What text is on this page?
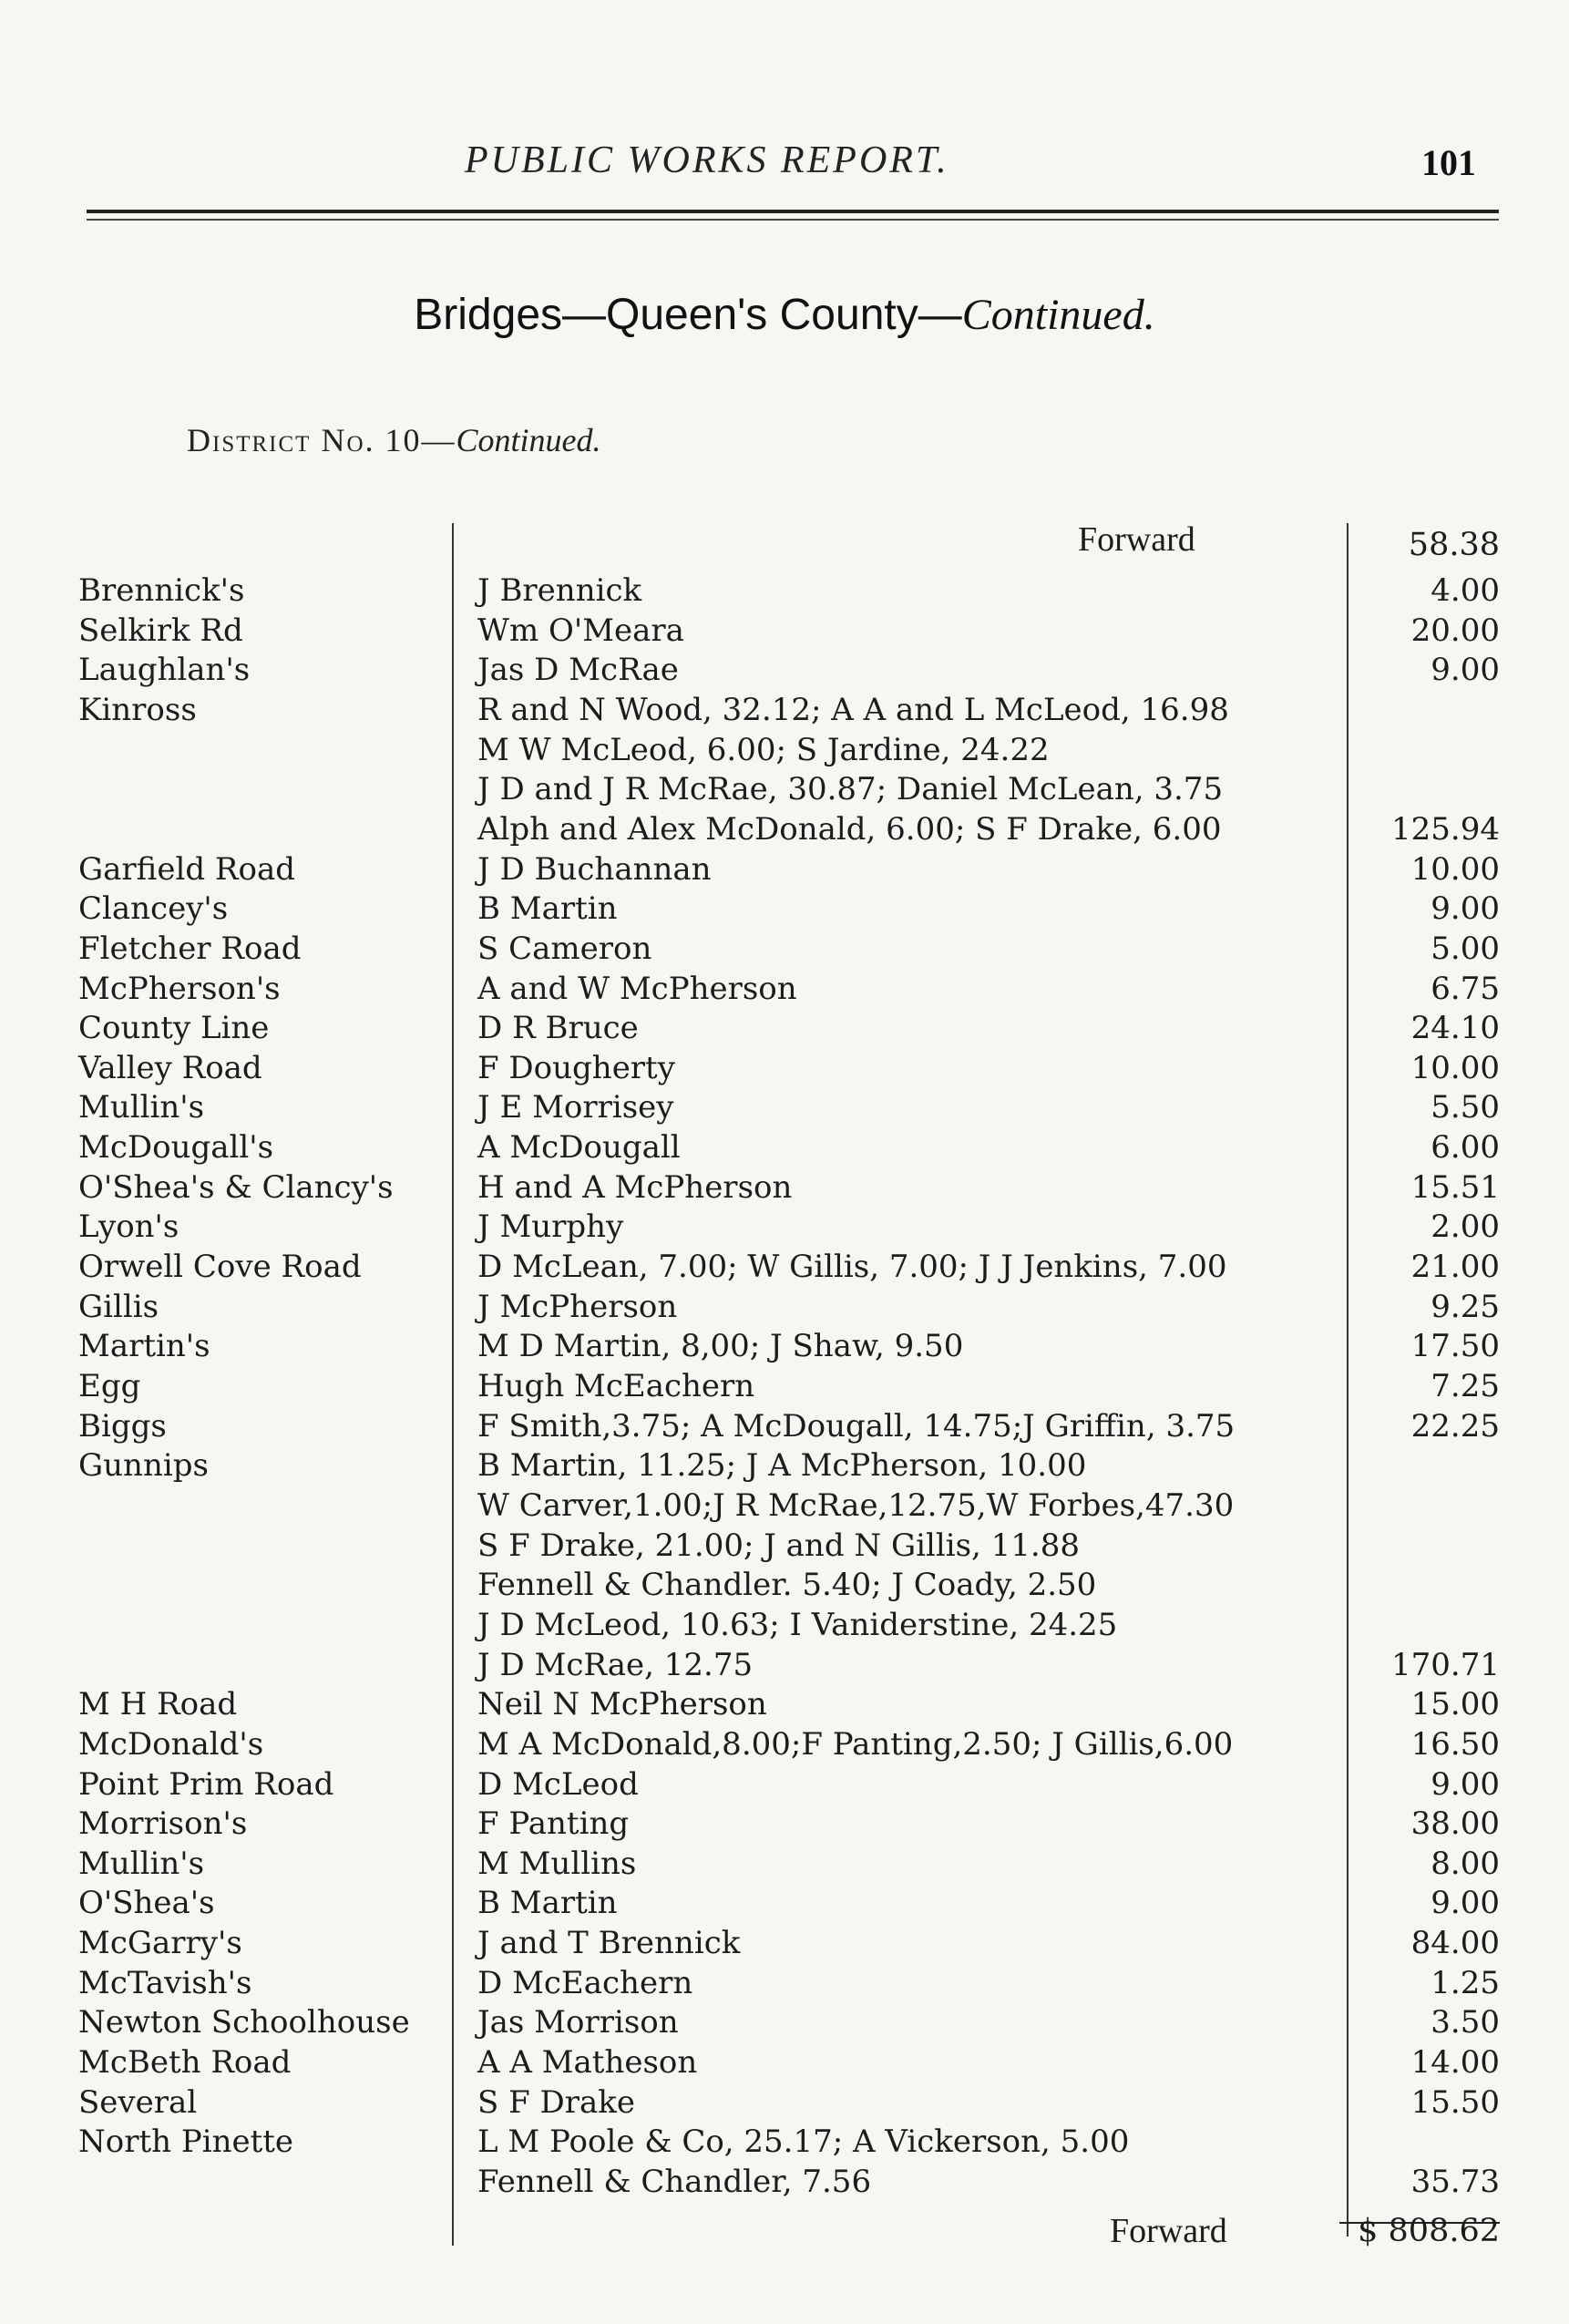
PUBLIC WORKS REPORT.	101
Bridges—Queen's County—Continued.
District No. 10—Continued.
Forward	58.38
Brennick's	J Brennick	4.00
Selkirk Rd	Wm O'Meara	20.00
Laughlan's	Jas D McRae	9.00
Kinross	R and N Wood, 32.12; A A and L McLeod, 16.98
M W McLeod, 6.00; S Jardine, 24.22
J D and J R McRae, 30.87; Daniel McLean, 3.75
Alph and Alex McDonald, 6.00; S F Drake, 6.00	125.94
Garfield Road	J D Buchannan	10.00
Clancey's	B Martin	9.00
Fletcher Road	S Cameron	5.00
McPherson's	A and W McPherson	6.75
County Line	D R Bruce	24.10
Valley Road	F Dougherty	10.00
Mullin's	J E Morrisey	5.50
McDougall's	A McDougall	6.00
O'Shea's & Clancy's	H and A McPherson	15.51
Lyon's	J Murphy	2.00
Orwell Cove Road	D McLean, 7.00; W Gillis, 7.00; J J Jenkins, 7.00	21.00
Gillis	J McPherson	9.25
Martin's	M D Martin, 8,00; J Shaw, 9.50	17.50
Egg	Hugh McEachern	7.25
Biggs	F Smith,3.75; A McDougall, 14.75;J Griffin, 3.75	22.25
Gunnips	B Martin, 11.25; J A McPherson, 10.00
W Carver,1.00;J R McRae,12.75,W Forbes,47.30
S F Drake, 21.00; J and N Gillis, 11.88
Fennell & Chandler. 5.40; J Coady, 2.50
J D McLeod, 10.63; I Vaniderstine, 24.25
J D McRae, 12.75	170.71
M H Road	Neil N McPherson	15.00
McDonald's	M A McDonald,8.00;F Panting,2.50; J Gillis,6.00	16.50
Point Prim Road	D McLeod	9.00
Morrison's	F Panting	38.00
Mullin's	M Mullins	8.00
O'Shea's	B Martin	9.00
McGarry's	J and T Brennick	84.00
McTavish's	D McEachern	1.25
Newton Schoolhouse Jas Morrison	3.50
McBeth Road	A A Matheson	14.00
Several	S F Drake	15.50
North Pinette	L M Poole & Co, 25.17; A Vickerson, 5.00
Fennell & Chandler, 7.56	35.73
Forward	$ 808.62
